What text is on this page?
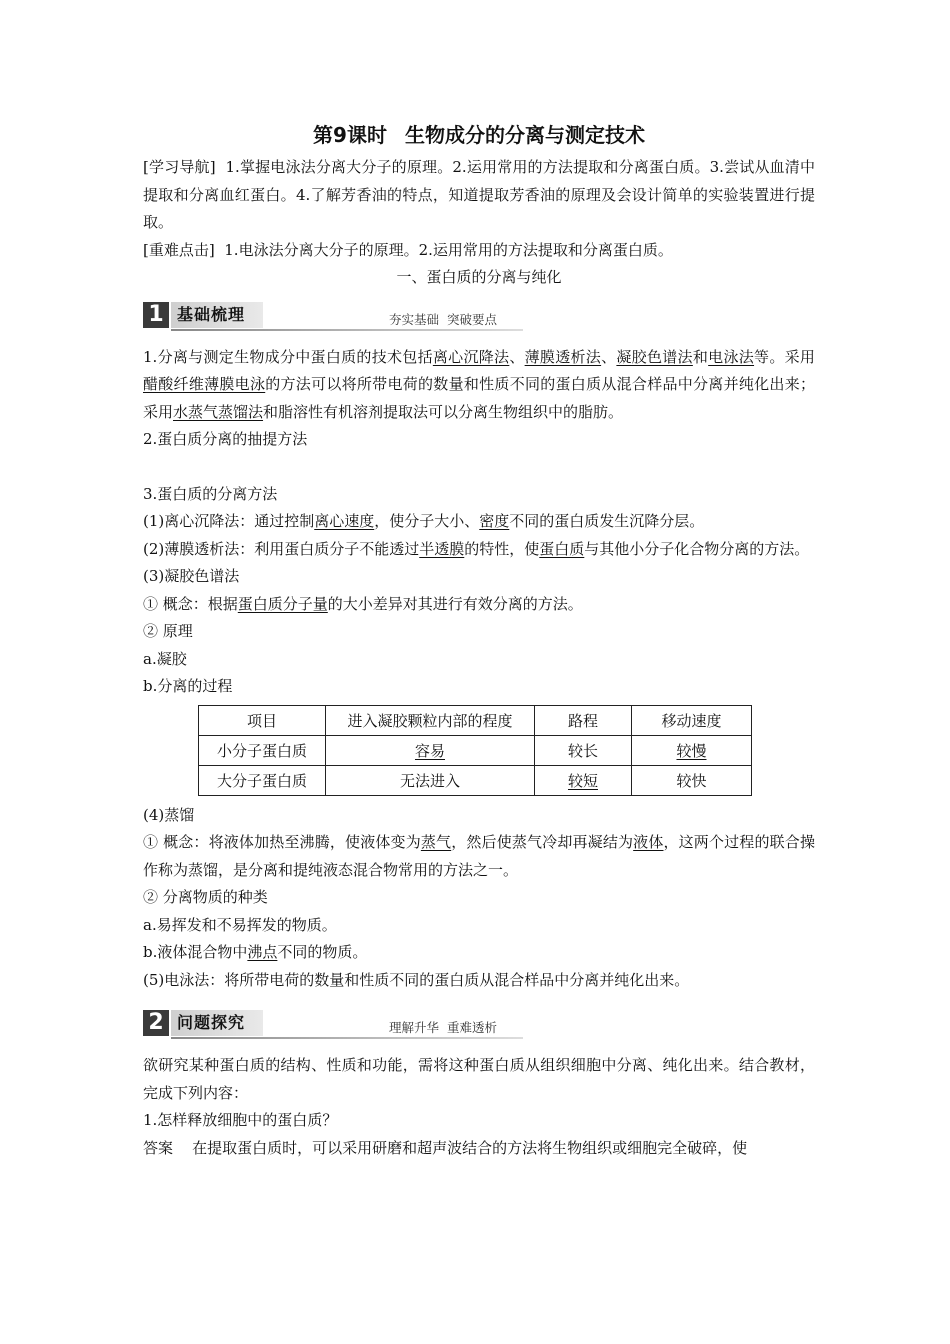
第9课时 生物成分的分离与测定技术

[学习导航] 1.掌握电泳法分离大分子的原理。2.运用常用的方法提取和分离蛋白质。3.尝试从血清中提取和分离血红蛋白。4.了解芳香油的特点，知道提取芳香油的原理及会设计简单的实验装置进行提取。

[重难点击] 1.电泳法分离大分子的原理。2.运用常用的方法提取和分离蛋白质。

一、蛋白质的分离与纯化

1 基础梳理	夯实基础 突破要点

1.分离与测定生物成分中蛋白质的技术包括离心沉降法、薄膜透析法、凝胶色谱法和电泳法等。采用醋酸纤维薄膜电泳的方法可以将所带电荷的数量和性质不同的蛋白质从混合样品中分离并纯化出来；采用水蒸气蒸馏法和脂溶性有机溶剂提取法可以分离生物组织中的脂肪。

2.蛋白质分离的抽提方法

3.蛋白质的分离方法

(1)离心沉降法：通过控制离心速度，使分子大小、密度不同的蛋白质发生沉降分层。

(2)薄膜透析法：利用蛋白质分子不能透过半透膜的特性，使蛋白质与其他小分子化合物分离的方法。

(3)凝胶色谱法

① 概念：根据蛋白质分子量的大小差异对其进行有效分离的方法。

② 原理

a.凝胶

b.分离的过程

项目	进入凝胶颗粒内部的程度	路程	移动速度
小分子蛋白质	容易	较长	较慢
大分子蛋白质	无法进入	较短	较快

(4)蒸馏

① 概念：将液体加热至沸腾，使液体变为蒸气，然后使蒸气冷却再凝结为液体，这两个过程的联合操作称为蒸馏，是分离和提纯液态混合物常用的方法之一。

② 分离物质的种类

a.易挥发和不易挥发的物质。

b.液体混合物中沸点不同的物质。

(5)电泳法：将所带电荷的数量和性质不同的蛋白质从混合样品中分离并纯化出来。

2 问题探究	理解升华 重难透析

欲研究某种蛋白质的结构、性质和功能，需将这种蛋白质从组织细胞中分离、纯化出来。结合教材，完成下列内容：

1.怎样释放细胞中的蛋白质？

答案 在提取蛋白质时，可以采用研磨和超声波结合的方法将生物组织或细胞完全破碎，使
